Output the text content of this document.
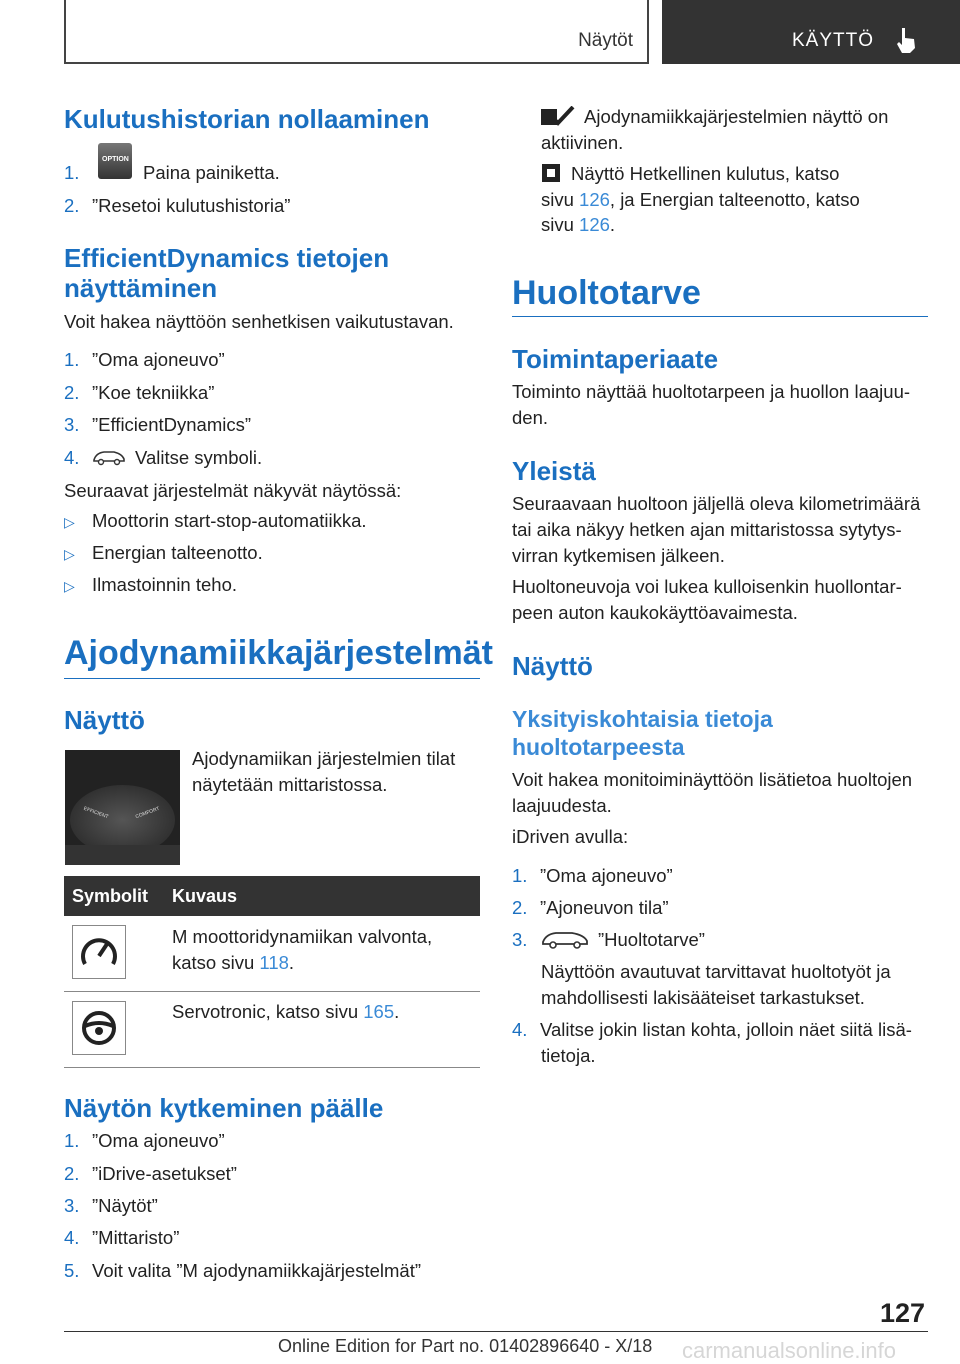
Näytöt	KÄYTTÖ
Kulutushistorian nollaaminen
1.
OPTION
Paina painiketta.
2. ”Resetoi kulutushistoria”
EfficientDynamics tietojen
näyttäminen
Voit hakea näyttöön senhetkisen vaikutustavan.
1. ”Oma ajoneuvo”
2. ”Koe tekniikka”
3. ”EfficientDynamics”
4.	Valitse symboli.
Seuraavat järjestelmät näkyvät näytössä:
▷ Moottorin start-stop-automatiikka.
▷ Energian talteenotto.
▷ Ilmastoinnin teho.
Ajodynamiikkajärjestelmät
Näyttö
EFFICIENT	COMFORT
Ajodynamiikan järjestelmien tilat
näytetään mittaristossa.
Symbolit Kuvaus
M moottoridynamiikan valvonta,
katso sivu 118.
Servotronic, katso sivu 165.
Näytön kytkeminen päälle
1. ”Oma ajoneuvo”
2. ”iDrive-asetukset”
3. ”Näytöt”
4. ”Mittaristo”
5. Voit valita ”M ajodynamiikkajärjestelmät”
Ajodynamiikkajärjestelmien näyttö on
aktiivinen.
Näyttö Hetkellinen kulutus, katso
sivu 126, ja Energian talteenotto, katso
sivu 126.
Huoltotarve
Toimintaperiaate
Toiminto näyttää huoltotarpeen ja huollon laajuu-
den.
Yleistä
Seuraavaan huoltoon jäljellä oleva kilometrimäärä
tai aika näkyy hetken ajan mittaristossa sytytys-
virran kytkemisen jälkeen.
Huoltoneuvoja voi lukea kulloisenkin huollontar-
peen auton kaukokäyttöavaimesta.
Näyttö
Yksityiskohtaisia tietoja
huoltotarpeesta
Voit hakea monitoiminäyttöön lisätietoa huoltojen
laajuudesta.
iDriven avulla:
1. ”Oma ajoneuvo”
2. ”Ajoneuvon tila”
3.	”Huoltotarve”
Näyttöön avautuvat tarvittavat huoltotyöt ja
mahdollisesti lakisääteiset tarkastukset.
4. Valitse jokin listan kohta, jolloin näet siitä lisä-
tietoja.
127
Online Edition for Part no. 01402896640 - X/18 carmanualsonline.info
